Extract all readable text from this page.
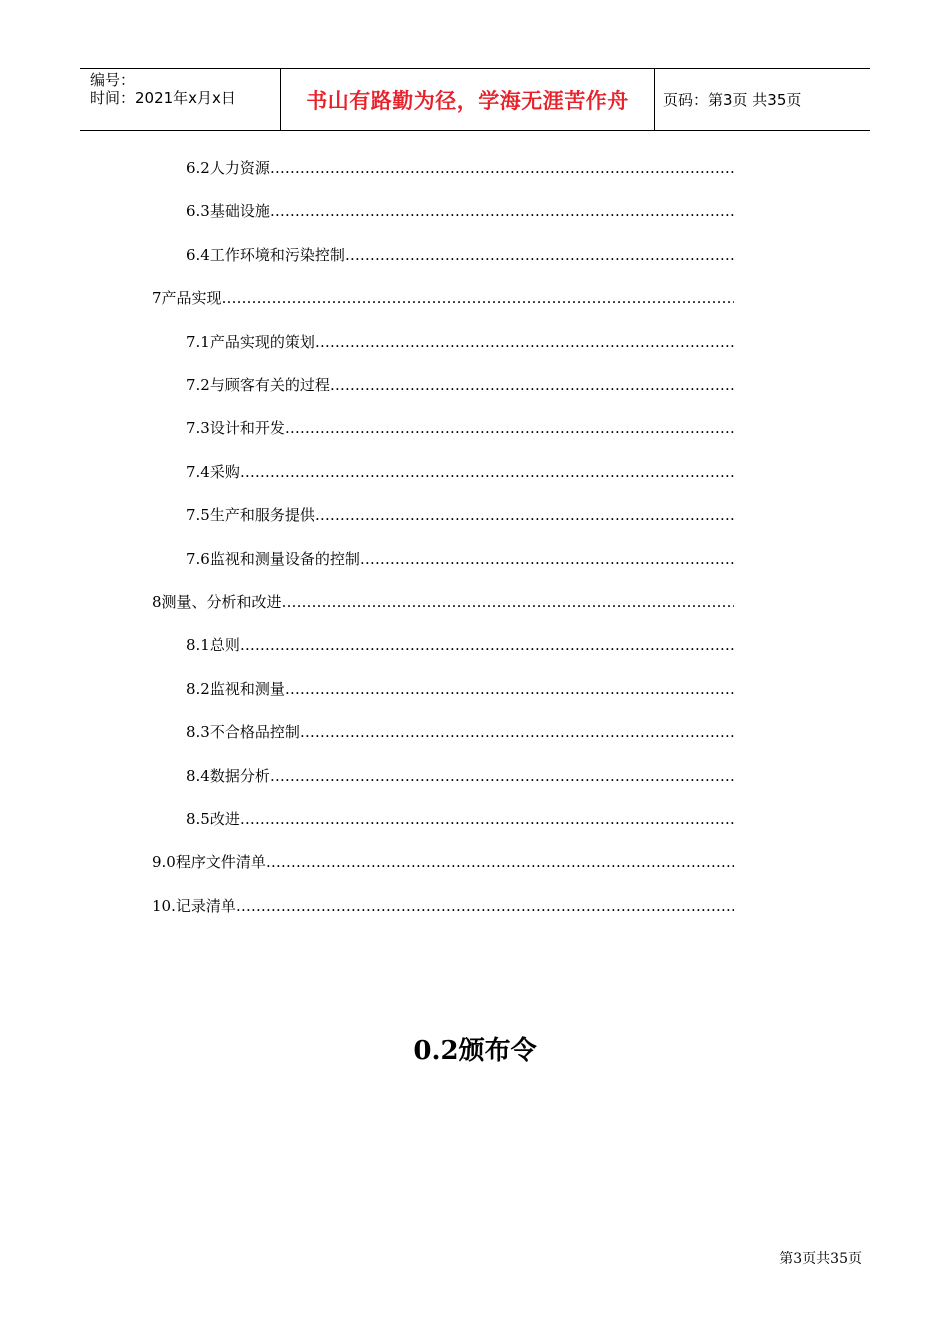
编号：
时间：2021年x月x日	书山有路勤为径，学海无涯苦作舟	页码：第3页 共35页
6.2人力资源
…………………………………………………………………………………………………………………………………………………………………………………
6.3基础设施
…………………………………………………………………………………………………………………………………………………………………………………
6.4工作环境和污染控制
…………………………………………………………………………………………………………………………………………………………………………………
7产品实现
…………………………………………………………………………………………………………………………………………………………………………………
7.1产品实现的策划
…………………………………………………………………………………………………………………………………………………………………………………
7.2与顾客有关的过程
…………………………………………………………………………………………………………………………………………………………………………………
7.3设计和开发
…………………………………………………………………………………………………………………………………………………………………………………
7.4采购
…………………………………………………………………………………………………………………………………………………………………………………
7.5生产和服务提供
…………………………………………………………………………………………………………………………………………………………………………………
7.6监视和测量设备的控制
…………………………………………………………………………………………………………………………………………………………………………………
8测量、分析和改进
…………………………………………………………………………………………………………………………………………………………………………………
8.1总则
…………………………………………………………………………………………………………………………………………………………………………………
8.2监视和测量
…………………………………………………………………………………………………………………………………………………………………………………
8.3不合格品控制
…………………………………………………………………………………………………………………………………………………………………………………
8.4数据分析
…………………………………………………………………………………………………………………………………………………………………………………
8.5改进
…………………………………………………………………………………………………………………………………………………………………………………
9.0程序文件清单
…………………………………………………………………………………………………………………………………………………………………………………
10.记录清单
…………………………………………………………………………………………………………………………………………………………………………………
0.2颁布令
第3页共35页
